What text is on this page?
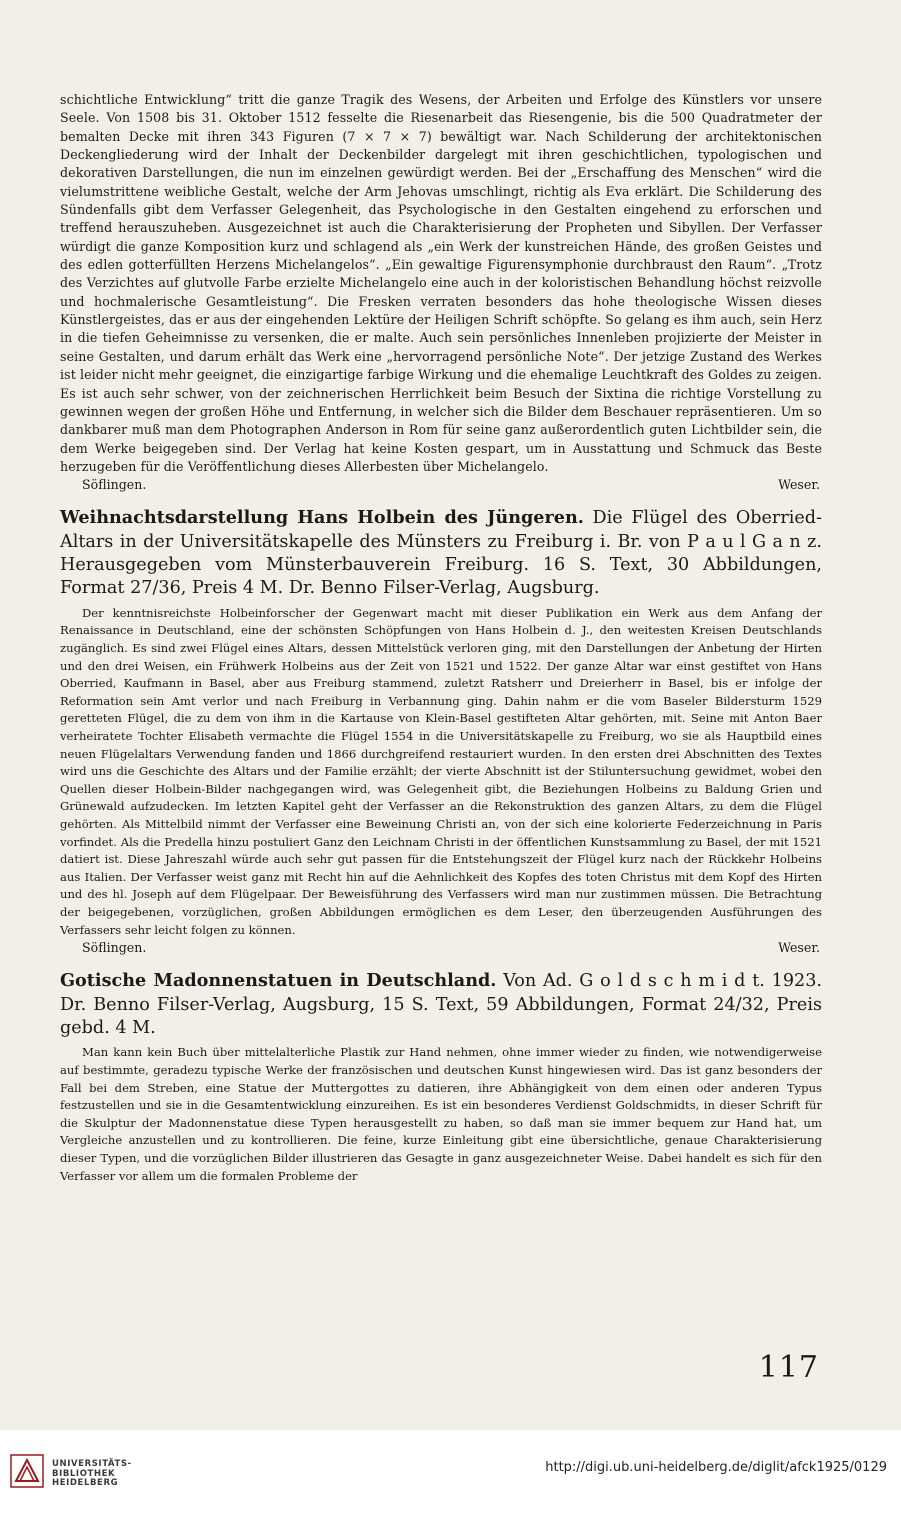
schichtliche Entwicklung“ tritt die ganze Tragik des Wesens, der Arbeiten und Erfolge des Künstlers vor unsere Seele. Von 1508 bis 31. Oktober 1512 fesselte die Riesenarbeit das Riesengenie, bis die 500 Quadratmeter der bemalten Decke mit ihren 343 Figuren (7 × 7 × 7) bewältigt war. Nach Schilderung der architektonischen Deckengliederung wird der Inhalt der Deckenbilder dargelegt mit ihren geschichtlichen, typologischen und dekorativen Darstellungen, die nun im einzelnen gewürdigt werden. Bei der „Erschaffung des Menschen“ wird die vielumstrittene weibliche Gestalt, welche der Arm Jehovas umschlingt, richtig als Eva erklärt. Die Schilderung des Sündenfalls gibt dem Verfasser Gelegenheit, das Psychologische in den Gestalten eingehend zu erforschen und treffend herauszuheben. Ausgezeichnet ist auch die Charakterisierung der Propheten und Sibyllen. Der Verfasser würdigt die ganze Komposition kurz und schlagend als „ein Werk der kunstreichen Hände, des großen Geistes und des edlen gotterfüllten Herzens Michelangelos“. „Ein gewaltige Figurensymphonie durchbraust den Raum“. „Trotz des Verzichtes auf glutvolle Farbe erzielte Michelangelo eine auch in der koloristischen Behandlung höchst reizvolle und hochmalerische Gesamtleistung“. Die Fresken verraten besonders das hohe theologische Wissen dieses Künstlergeistes, das er aus der eingehenden Lektüre der Heiligen Schrift schöpfte. So gelang es ihm auch, sein Herz in die tiefen Geheimnisse zu versenken, die er malte. Auch sein persönliches Innenleben projizierte der Meister in seine Gestalten, und darum erhält das Werk eine „hervorragend persönliche Note“. Der jetzige Zustand des Werkes ist leider nicht mehr geeignet, die einzigartige farbige Wirkung und die ehemalige Leuchtkraft des Goldes zu zeigen. Es ist auch sehr schwer, von der zeichnerischen Herrlichkeit beim Besuch der Sixtina die richtige Vorstellung zu gewinnen wegen der großen Höhe und Entfernung, in welcher sich die Bilder dem Beschauer repräsentieren. Um so dankbarer muß man dem Photographen Anderson in Rom für seine ganz außerordentlich guten Lichtbilder sein, die dem Werke beigegeben sind. Der Verlag hat keine Kosten gespart, um in Ausstattung und Schmuck das Beste herzugeben für die Veröffentlichung dieses Allerbesten über Michelangelo.

Söflingen.	Weser.

Weihnachtsdarstellung Hans Holbein des Jüngeren. Die Flügel des Oberried-Altars in der Universitätskapelle des Münsters zu Freiburg i. Br. von P a u l G a n z. Herausgegeben vom Münsterbauverein Freiburg. 16 S. Text, 30 Abbildungen, Format 27/36, Preis 4 M. Dr. Benno Filser-Verlag, Augsburg.

Der kenntnisreichste Holbeinforscher der Gegenwart macht mit dieser Publikation ein Werk aus dem Anfang der Renaissance in Deutschland, eine der schönsten Schöpfungen von Hans Holbein d. J., den weitesten Kreisen Deutschlands zugänglich. Es sind zwei Flügel eines Altars, dessen Mittelstück verloren ging, mit den Darstellungen der Anbetung der Hirten und den drei Weisen, ein Frühwerk Holbeins aus der Zeit von 1521 und 1522. Der ganze Altar war einst gestiftet von Hans Oberried, Kaufmann in Basel, aber aus Freiburg stammend, zuletzt Ratsherr und Dreierherr in Basel, bis er infolge der Reformation sein Amt verlor und nach Freiburg in Verbannung ging. Dahin nahm er die vom Baseler Bildersturm 1529 geretteten Flügel, die zu dem von ihm in die Kartause von Klein-Basel gestifteten Altar gehörten, mit. Seine mit Anton Baer verheiratete Tochter Elisabeth vermachte die Flügel 1554 in die Universitätskapelle zu Freiburg, wo sie als Hauptbild eines neuen Flügelaltars Verwendung fanden und 1866 durchgreifend restauriert wurden. In den ersten drei Abschnitten des Textes wird uns die Geschichte des Altars und der Familie erzählt; der vierte Abschnitt ist der Stiluntersuchung gewidmet, wobei den Quellen dieser Holbein-Bilder nachgegangen wird, was Gelegenheit gibt, die Beziehungen Holbeins zu Baldung Grien und Grünewald aufzudecken. Im letzten Kapitel geht der Verfasser an die Rekonstruktion des ganzen Altars, zu dem die Flügel gehörten. Als Mittelbild nimmt der Verfasser eine Beweinung Christi an, von der sich eine kolorierte Federzeichnung in Paris vorfindet. Als die Predella hinzu postuliert Ganz den Leichnam Christi in der öffentlichen Kunstsammlung zu Basel, der mit 1521 datiert ist. Diese Jahreszahl würde auch sehr gut passen für die Entstehungszeit der Flügel kurz nach der Rückkehr Holbeins aus Italien. Der Verfasser weist ganz mit Recht hin auf die Aehnlichkeit des Kopfes des toten Christus mit dem Kopf des Hirten und des hl. Joseph auf dem Flügelpaar. Der Beweisführung des Verfassers wird man nur zustimmen müssen. Die Betrachtung der beigegebenen, vorzüglichen, großen Abbildungen ermöglichen es dem Leser, den überzeugenden Ausführungen des Verfassers sehr leicht folgen zu können.

Söflingen.	Weser.

Gotische Madonnenstatuen in Deutschland. Von Ad. G o l d s c h m i d t. 1923. Dr. Benno Filser-Verlag, Augsburg, 15 S. Text, 59 Abbildungen, Format 24/32, Preis gebd. 4 M.

Man kann kein Buch über mittelalterliche Plastik zur Hand nehmen, ohne immer wieder zu finden, wie notwendigerweise auf bestimmte, geradezu typische Werke der französischen und deutschen Kunst hingewiesen wird. Das ist ganz besonders der Fall bei dem Streben, eine Statue der Muttergottes zu datieren, ihre Abhängigkeit von dem einen oder anderen Typus festzustellen und sie in die Gesamtentwicklung einzureihen. Es ist ein besonderes Verdienst Goldschmidts, in dieser Schrift für die Skulptur der Madonnenstatue diese Typen herausgestellt zu haben, so daß man sie immer bequem zur Hand hat, um Vergleiche anzustellen und zu kontrollieren. Die feine, kurze Einleitung gibt eine übersichtliche, genaue Charakterisierung dieser Typen, und die vorzüglichen Bilder illustrieren das Gesagte in ganz ausgezeichneter Weise. Dabei handelt es sich für den Verfasser vor allem um die formalen Probleme der

117
UNIVERSITÄTS-
BIBLIOTHEK
HEIDELBERG
http://digi.ub.uni-heidelberg.de/diglit/afck1925/0129
